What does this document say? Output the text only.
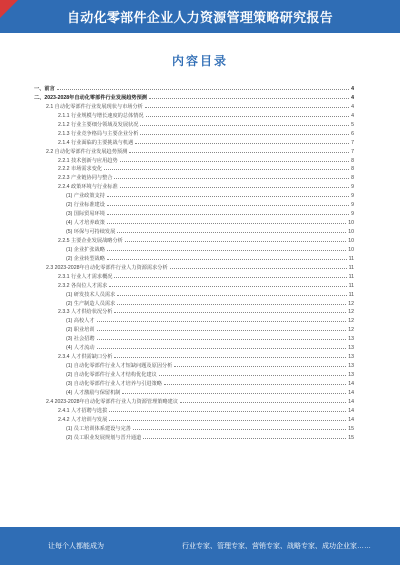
自动化零部件企业人力资源管理策略研究报告
内容目录
一、前言	4
二、2023-2028年自动化零部件行业发展趋势预测	4
2.1 自动化零部件行业发展现状与市场分析	4
2.1.1 行业规模与增长速度的总体情况	4
2.1.2 行业主要细分领域及发展状况	5
2.1.3 行业竞争格局与主要企业分析	6
2.1.4 行业面临的主要挑战与机遇	7
2.2 自动化零部件行业发展趋势预测	7
2.2.1 技术创新与应用趋势	8
2.2.2 市场需求变化	8
2.2.3 产业链协同与整合	8
2.2.4 政策环境与行业标准	9
(1) 产业政策支持	9
(2) 行业标准建设	9
(3) 国际贸易环境	9
(4) 人才培养政策	10
(5) 环保与可持续发展	10
2.2.5 主要企业发展战略分析	10
(1) 企业扩张战略	10
(2) 企业转型战略	11
2.3 2023-2028年自动化零部件行业人力资源需求分析	11
2.3.1 行业人才需求概况	11
2.3.2 各岗位人才需求	11
(1) 研发技术人员需求	11
(2) 生产制造人员需求	12
2.3.3 人才供给状况分析	12
(1) 高校人才	12
(2) 职业培训	12
(3) 社会招聘	13
(4) 人才流动	13
2.3.4 人才供需缺口分析	13
(1) 自动化零部件行业人才短缺问题及原因分析	13
(2) 自动化零部件行业人才结构优化建议	13
(3) 自动化零部件行业人才培养与引进策略	14
(4) 人才激励与保留机制	14
2.4 2023-2028年自动化零部件行业人力资源管理策略建议	14
2.4.1 人才招聘与选拔	14
2.4.2 人才培训与发展	14
(1) 员工培训体系建设与完善	15
(2) 员工职业发展规划与晋升通道	15
让每个人都能成为	行业专家、管理专家、营销专家、战略专家、成功企业家……
